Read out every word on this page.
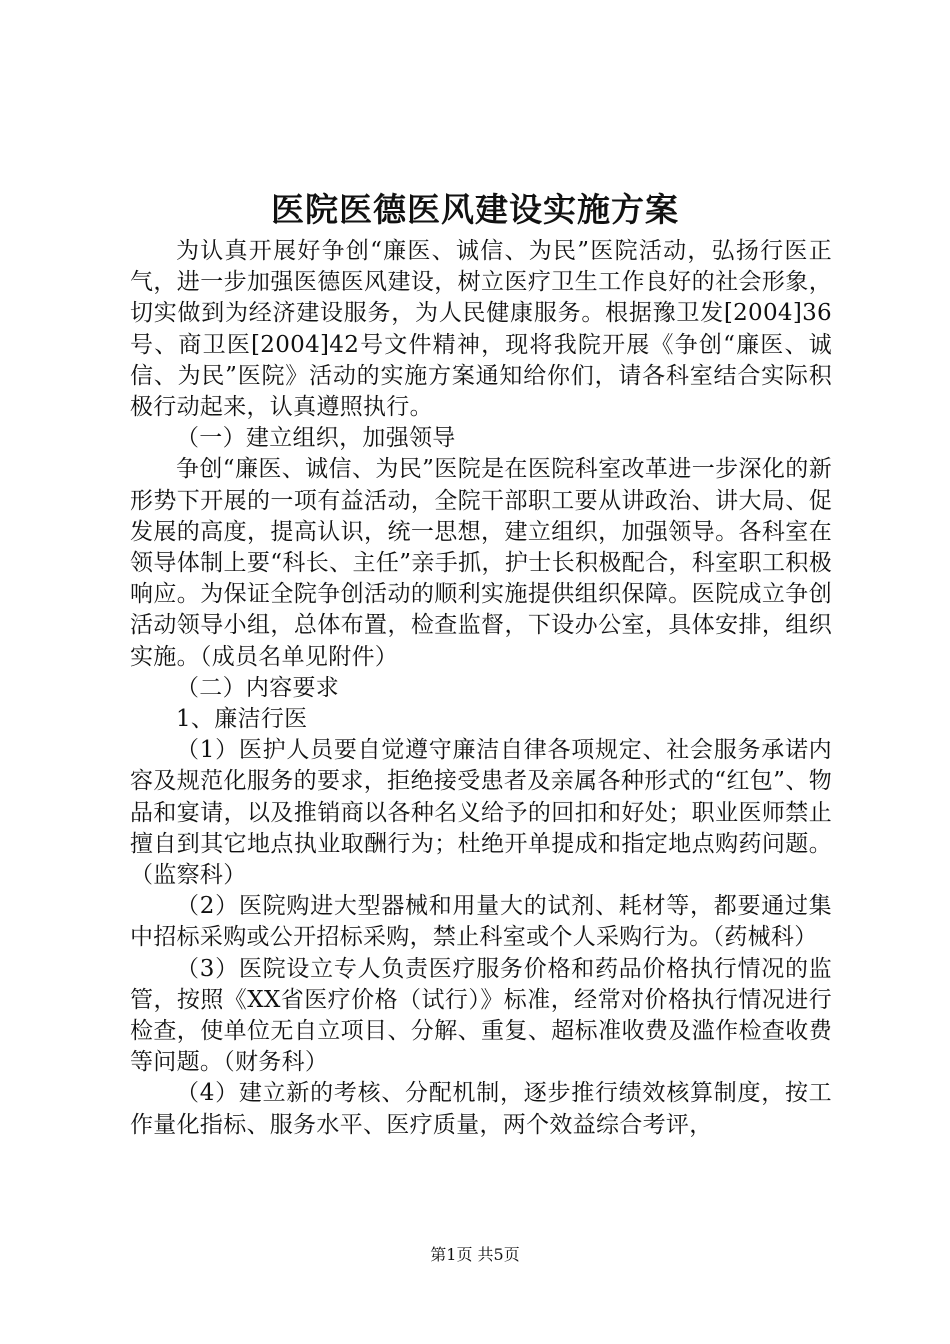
医院医德医风建设实施方案

为认真开展好争创“廉医、诚信、为民”医院活动，弘扬行医正气，进一步加强医德医风建设，树立医疗卫生工作良好的社会形象，切实做到为经济建设服务，为人民健康服务。根据豫卫发[2004]36号、商卫医[2004]42号文件精神，现将我院开展《争创“廉医、诚信、为民”医院》活动的实施方案通知给你们，请各科室结合实际积极行动起来，认真遵照执行。

（一）建立组织，加强领导

争创“廉医、诚信、为民”医院是在医院科室改革进一步深化的新形势下开展的一项有益活动，全院干部职工要从讲政治、讲大局、促发展的高度，提高认识，统一思想，建立组织，加强领导。各科室在领导体制上要“科长、主任”亲手抓，护士长积极配合，科室职工积极响应。为保证全院争创活动的顺利实施提供组织保障。医院成立争创活动领导小组，总体布置，检查监督，下设办公室，具体安排，组织实施。（成员名单见附件）

（二）内容要求

1、廉洁行医

（1）医护人员要自觉遵守廉洁自律各项规定、社会服务承诺内容及规范化服务的要求，拒绝接受患者及亲属各种形式的“红包”、物品和宴请，以及推销商以各种名义给予的回扣和好处；职业医师禁止擅自到其它地点执业取酬行为；杜绝开单提成和指定地点购药问题。（监察科）

（2）医院购进大型器械和用量大的试剂、耗材等，都要通过集中招标采购或公开招标采购，禁止科室或个人采购行为。（药械科）

（3）医院设立专人负责医疗服务价格和药品价格执行情况的监管，按照《XX省医疗价格（试行）》标准，经常对价格执行情况进行检查，使单位无自立项目、分解、重复、超标准收费及滥作检查收费等问题。（财务科）

（4）建立新的考核、分配机制，逐步推行绩效核算制度，按工作量化指标、服务水平、医疗质量，两个效益综合考评，

第1页 共5页
